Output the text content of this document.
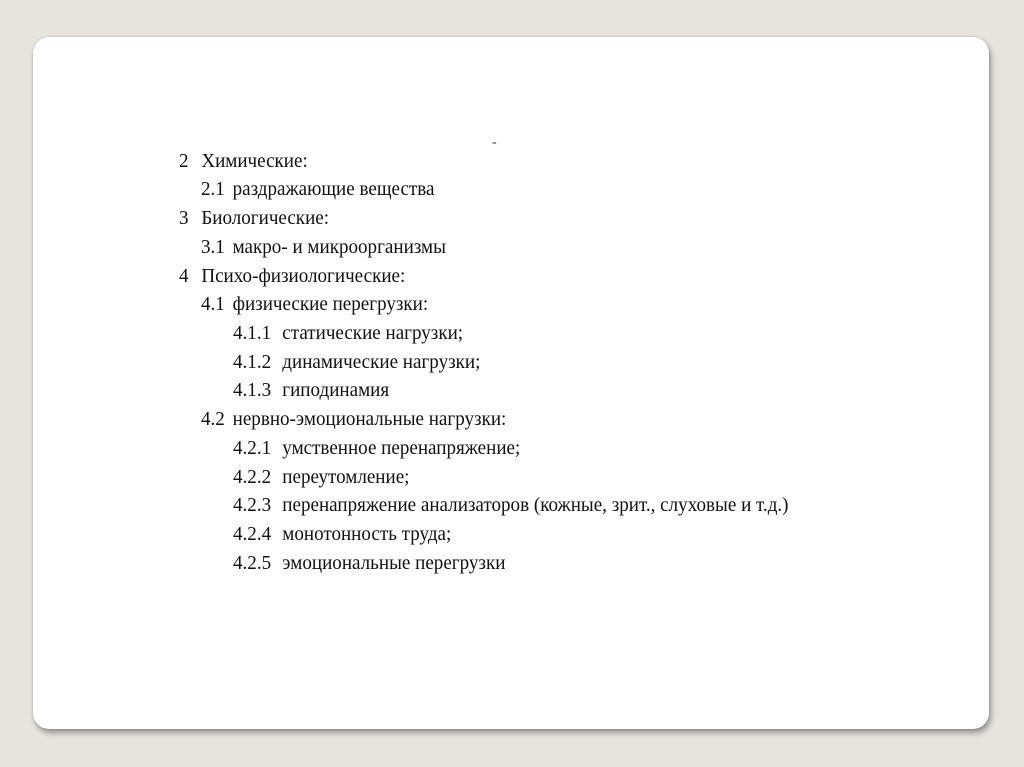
-
2 Химические:
2.1 раздражающие вещества
3 Биологические:
3.1 макро- и микроорганизмы
4 Психо-физиологические:
4.1 физические перегрузки:
4.1.1 статические нагрузки;
4.1.2 динамические нагрузки;
4.1.3 гиподинамия
4.2 нервно-эмоциональные нагрузки:
4.2.1 умственное перенапряжение;
4.2.2 переутомление;
4.2.3 перенапряжение анализаторов (кожные, зрит., слуховые и т.д.)
4.2.4 монотонность труда;
4.2.5 эмоциональные перегрузки
